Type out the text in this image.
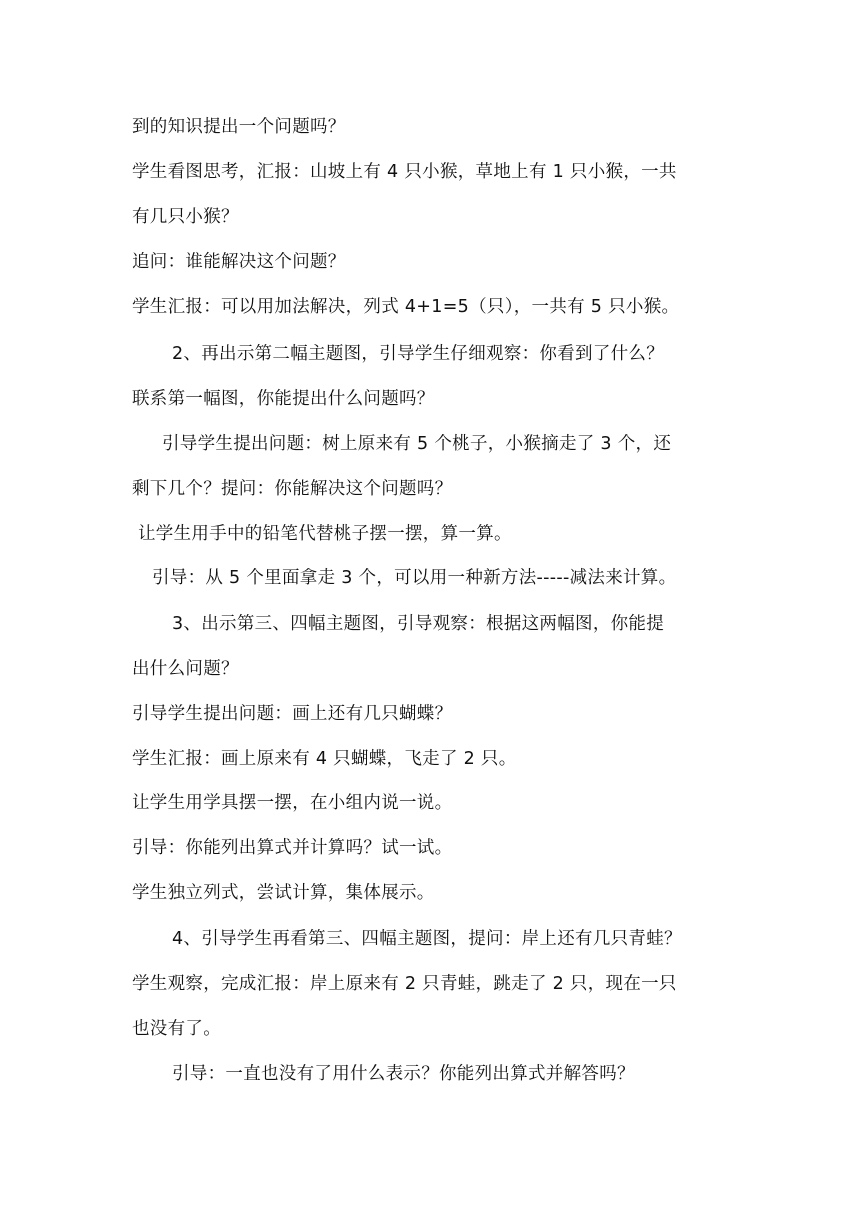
到的知识提出一个问题吗？
学生看图思考，汇报：山坡上有 4 只小猴，草地上有 1 只小猴，一共
有几只小猴？
追问：谁能解决这个问题？
学生汇报：可以用加法解决，列式 4+1=5（只），一共有 5 只小猴。
2、再出示第二幅主题图，引导学生仔细观察：你看到了什么？
联系第一幅图，你能提出什么问题吗？
引导学生提出问题：树上原来有 5 个桃子，小猴摘走了 3 个，还
剩下几个？提问：你能解决这个问题吗？
让学生用手中的铅笔代替桃子摆一摆，算一算。
引导：从 5 个里面拿走 3 个，可以用一种新方法-----减法来计算。
3、出示第三、四幅主题图，引导观察：根据这两幅图，你能提
出什么问题？
引导学生提出问题：画上还有几只蝴蝶？
学生汇报：画上原来有 4 只蝴蝶，飞走了 2 只。
让学生用学具摆一摆，在小组内说一说。
引导：你能列出算式并计算吗？试一试。
学生独立列式，尝试计算，集体展示。
4、引导学生再看第三、四幅主题图，提问：岸上还有几只青蛙？
学生观察，完成汇报：岸上原来有 2 只青蛙，跳走了 2 只，现在一只
也没有了。
引导：一直也没有了用什么表示？你能列出算式并解答吗？
